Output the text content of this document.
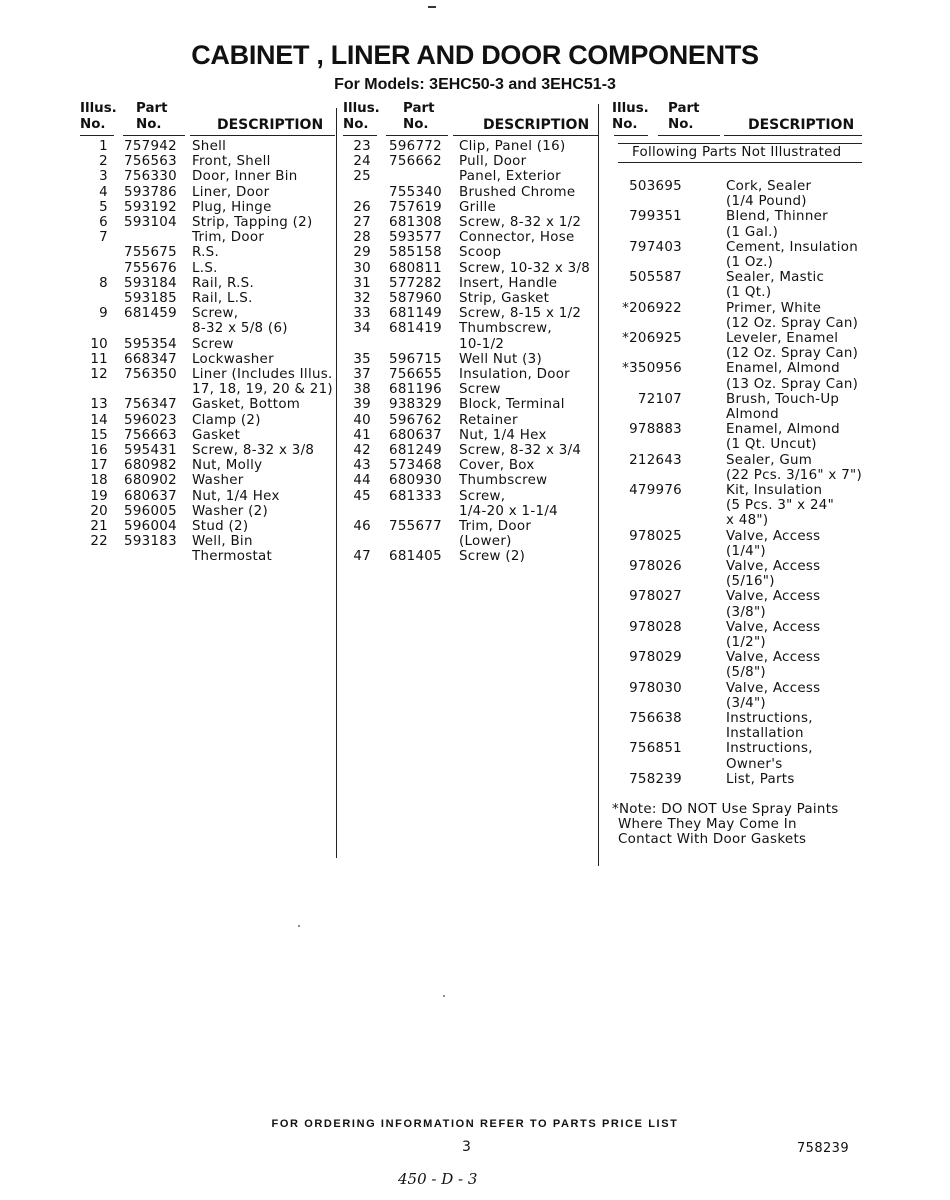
CABINET , LINER AND DOOR COMPONENTS
For Models: 3EHC50-3 and 3EHC51-3
Illus.
No.
Part
No.	DESCRIPTION
1 757942 Shell
2 756563 Front, Shell
3 756330 Door, Inner Bin
4 593786 Liner, Door
5 593192 Plug, Hinge
6 593104 Strip, Tapping (2)
7	Trim, Door
755675 R.S.
755676 L.S.
8 593184 Rail, R.S.
593185 Rail, L.S.
9 681459 Screw,
8-32 x 5/8 (6)
10 595354 Screw
11 668347 Lockwasher
12 756350 Liner (Includes Illus.
17, 18, 19, 20 & 21)
13 756347 Gasket, Bottom
14 596023 Clamp (2)
15 756663 Gasket
16 595431 Screw, 8-32 x 3/8
17 680982 Nut, Molly
18 680902 Washer
19 680637 Nut, 1/4 Hex
20 596005 Washer (2)
21 596004 Stud (2)
22 593183 Well, Bin
Thermostat
Illus.
No.
Part
No.	DESCRIPTION
23 596772 Clip, Panel (16)
24 756662 Pull, Door
25	Panel, Exterior
755340 Brushed Chrome
26 757619 Grille
27 681308 Screw, 8-32 x 1/2
28 593577 Connector, Hose
29 585158 Scoop
30 680811 Screw, 10-32 x 3/8
31 577282 Insert, Handle
32 587960 Strip, Gasket
33 681149 Screw, 8-15 x 1/2
34 681419 Thumbscrew,
10-1/2
35 596715 Well Nut (3)
37 756655 Insulation, Door
38 681196 Screw
39 938329 Block, Terminal
40 596762 Retainer
41 680637 Nut, 1/4 Hex
42 681249 Screw, 8-32 x 3/4
43 573468 Cover, Box
44 680930 Thumbscrew
45 681333 Screw,
1/4-20 x 1-1/4
46 755677 Trim, Door
(Lower)
47 681405 Screw (2)
Illus.
No.
Part
No.	DESCRIPTION
Following Parts Not Illustrated
503695	Cork, Sealer
(1/4 Pound)
799351	Blend, Thinner
(1 Gal.)
797403	Cement, Insulation
(1 Oz.)
505587	Sealer, Mastic
(1 Qt.)
*206922	Primer, White
(12 Oz. Spray Can)
*206925	Leveler, Enamel
(12 Oz. Spray Can)
*350956	Enamel, Almond
(13 Oz. Spray Can)
72107	Brush, Touch-Up
Almond
978883	Enamel, Almond
(1 Qt. Uncut)
212643	Sealer, Gum
(22 Pcs. 3/16" x 7")
479976	Kit, Insulation
(5 Pcs. 3" x 24"
x 48")
978025	Valve, Access
(1/4")
978026	Valve, Access
(5/16")
978027	Valve, Access
(3/8")
978028	Valve, Access
(1/2")
978029	Valve, Access
(5/8")
978030	Valve, Access
(3/4")
756638	Instructions,
Installation
756851	Instructions,
Owner's
758239	List, Parts
*Note: DO NOT Use Spray Paints
Where They May Come In
Contact With Door Gaskets
FOR ORDERING INFORMATION REFER TO PARTS PRICE LIST
3	758239
450 - D - 3
